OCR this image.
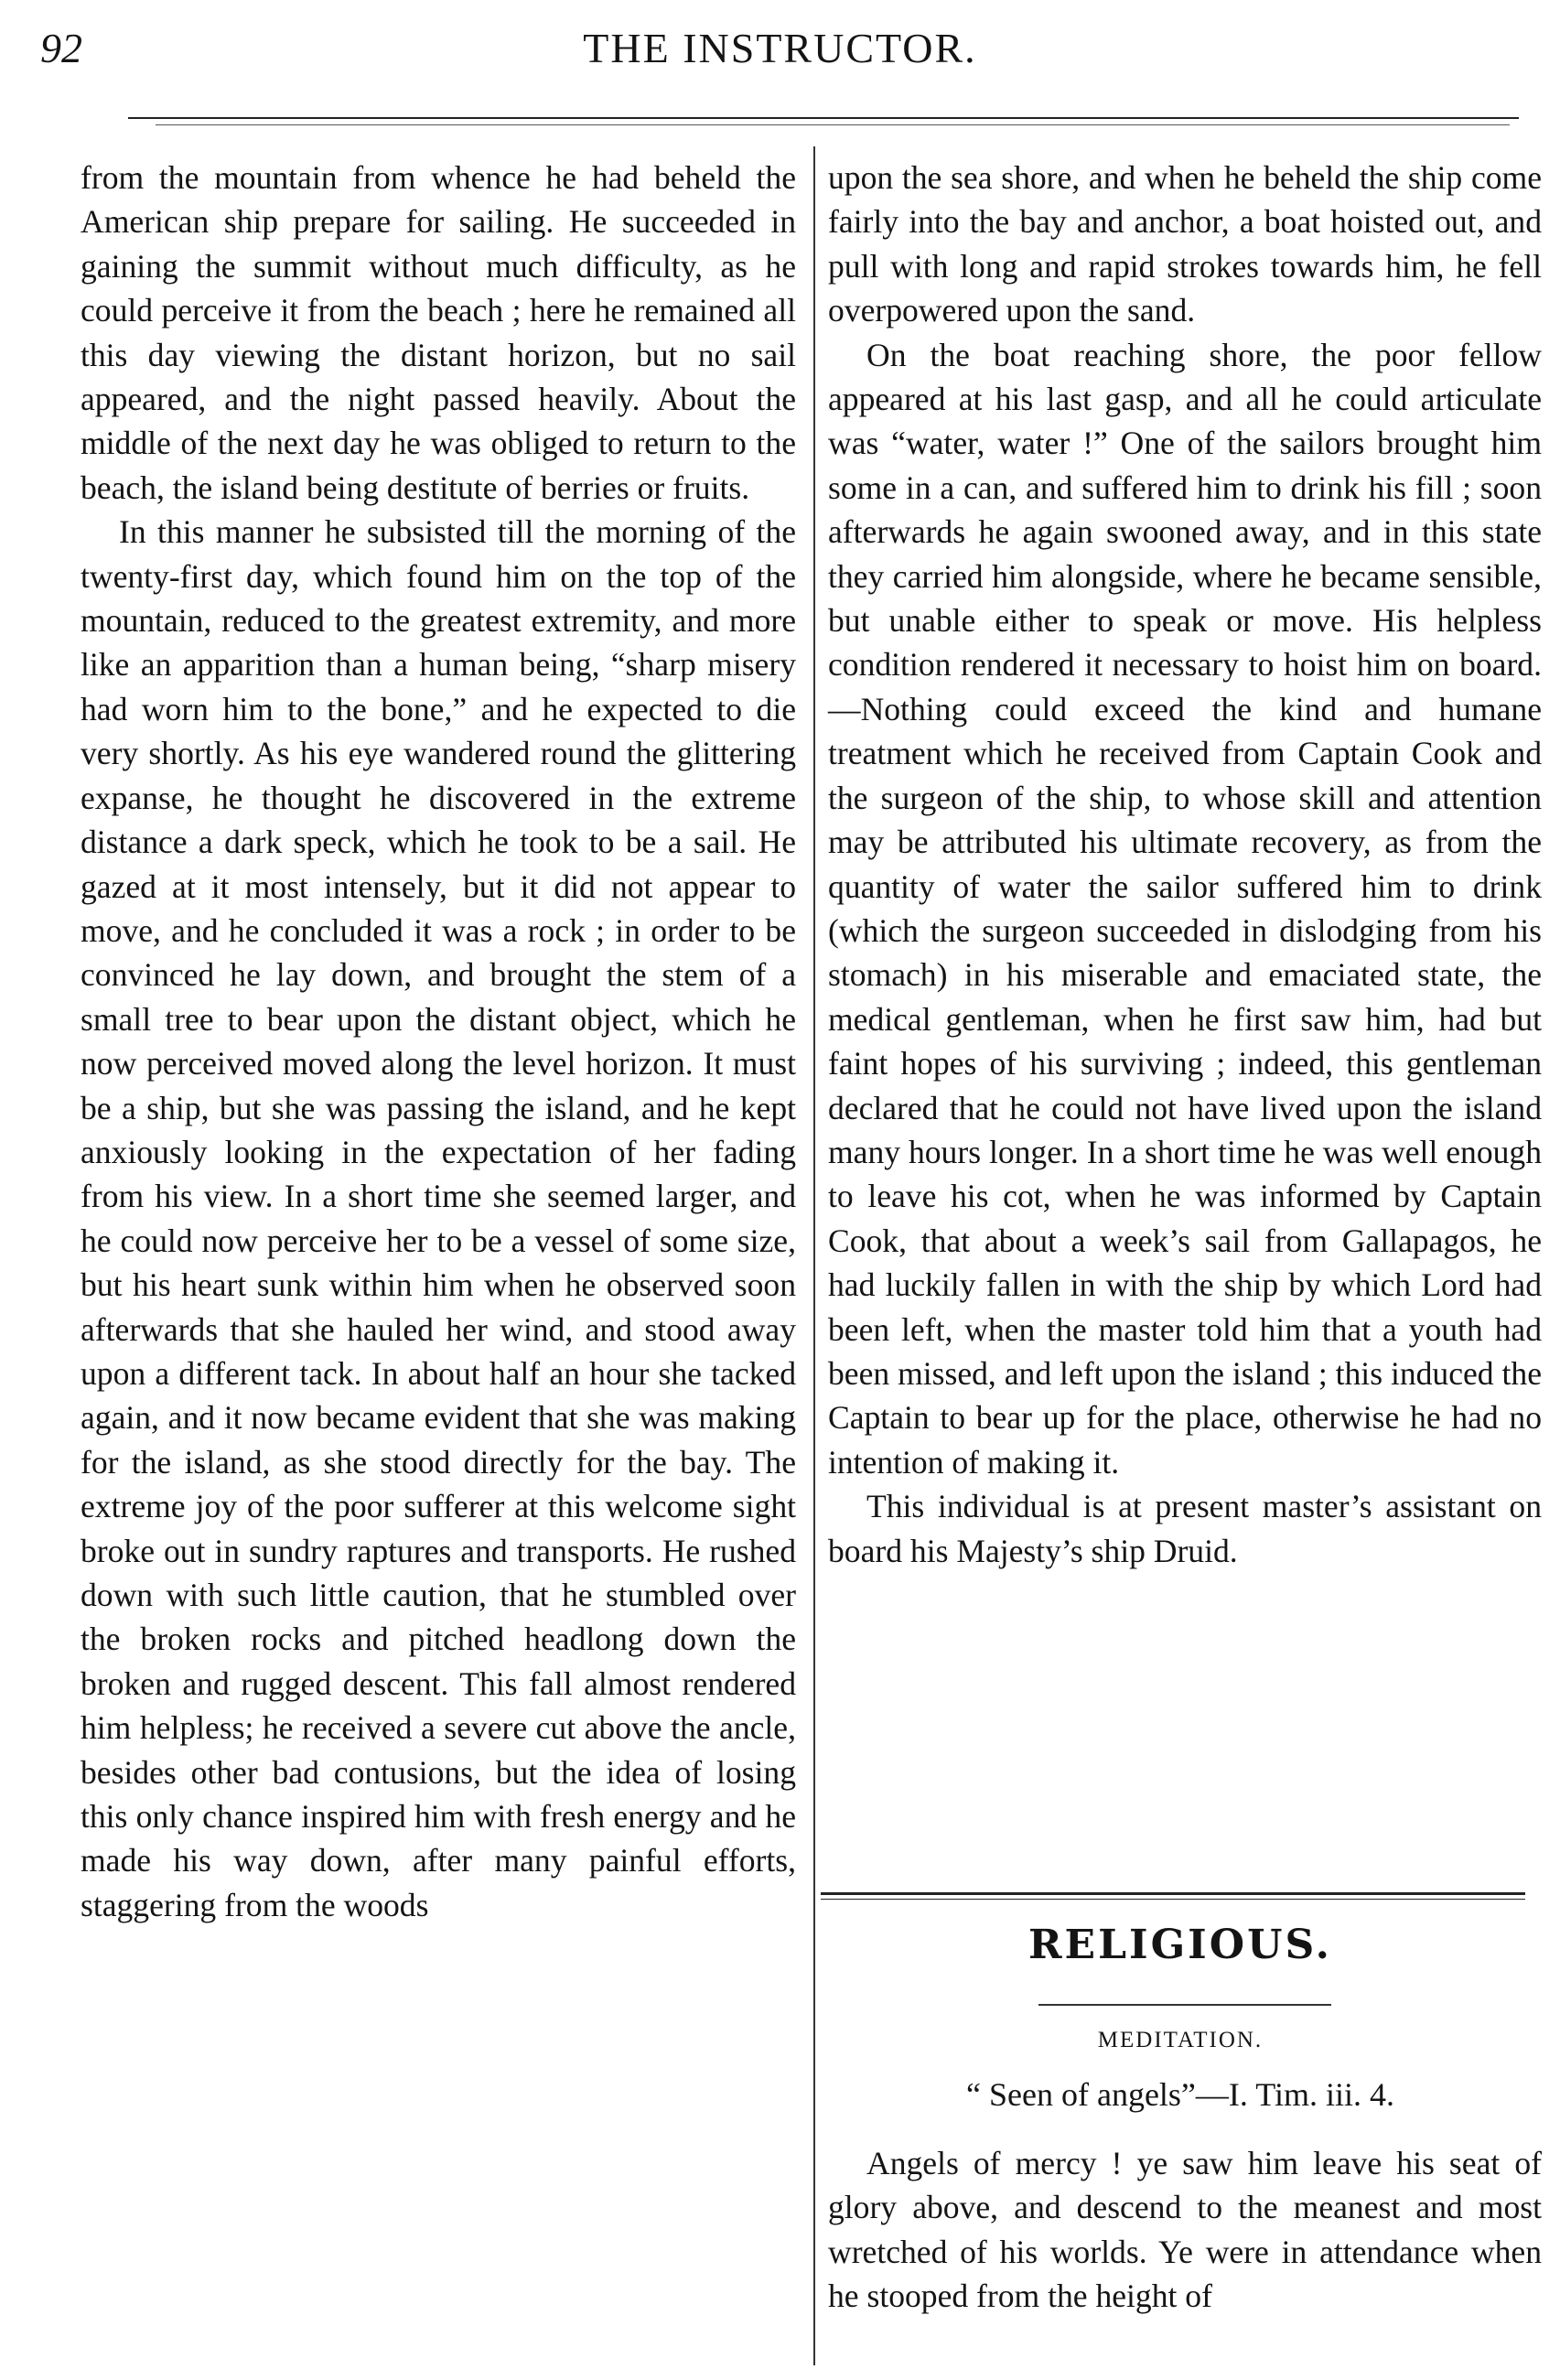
92	THE INSTRUCTOR.

from the mountain from whence he had beheld the American ship prepare for sailing. He succeeded in gaining the summit without much difficulty, as he could perceive it from the beach ; here he remained all this day viewing the distant horizon, but no sail appeared, and the night passed heavily. About the middle of the next day he was obliged to return to the beach, the island being destitute of berries or fruits.

In this manner he subsisted till the morning of the twenty-first day, which found him on the top of the mountain, reduced to the greatest extremity, and more like an apparition than a human being, “sharp misery had worn him to the bone,” and he expected to die very shortly. As his eye wandered round the glittering expanse, he thought he discovered in the extreme distance a dark speck, which he took to be a sail. He gazed at it most intensely, but it did not appear to move, and he concluded it was a rock ; in order to be convinced he lay down, and brought the stem of a small tree to bear upon the distant object, which he now perceived moved along the level horizon. It must be a ship, but she was passing the island, and he kept anxiously looking in the expectation of her fading from his view. In a short time she seemed larger, and he could now perceive her to be a vessel of some size, but his heart sunk within him when he observed soon afterwards that she hauled her wind, and stood away upon a different tack. In about half an hour she tacked again, and it now became evident that she was making for the island, as she stood directly for the bay. The extreme joy of the poor sufferer at this welcome sight broke out in sundry raptures and transports. He rushed down with such little caution, that he stumbled over the broken rocks and pitched headlong down the broken and rugged descent. This fall almost rendered him helpless; he received a severe cut above the ancle, besides other bad contusions, but the idea of losing this only chance inspired him with fresh energy and he made his way down, after many painful efforts, staggering from the woods

upon the sea shore, and when he beheld the ship come fairly into the bay and anchor, a boat hoisted out, and pull with long and rapid strokes towards him, he fell overpowered upon the sand.

On the boat reaching shore, the poor fellow appeared at his last gasp, and all he could articulate was “water, water !” One of the sailors brought him some in a can, and suffered him to drink his fill ; soon afterwards he again swooned away, and in this state they carried him alongside, where he became sensible, but unable either to speak or move. His helpless condition rendered it necessary to hoist him on board.—Nothing could exceed the kind and humane treatment which he received from Captain Cook and the surgeon of the ship, to whose skill and attention may be attributed his ultimate recovery, as from the quantity of water the sailor suffered him to drink (which the surgeon succeeded in dislodging from his stomach) in his miserable and emaciated state, the medical gentleman, when he first saw him, had but faint hopes of his surviving ; indeed, this gentleman declared that he could not have lived upon the island many hours longer. In a short time he was well enough to leave his cot, when he was informed by Captain Cook, that about a week’s sail from Gallapagos, he had luckily fallen in with the ship by which Lord had been left, when the master told him that a youth had been missed, and left upon the island ; this induced the Captain to bear up for the place, otherwise he had no intention of making it.

This individual is at present master’s assistant on board his Majesty’s ship Druid.

RELIGIOUS.
MEDITATION.
“ Seen of angels”—I. Tim. iii. 4.

Angels of mercy ! ye saw him leave his seat of glory above, and descend to the meanest and most wretched of his worlds. Ye were in attendance when he stooped from the height of
